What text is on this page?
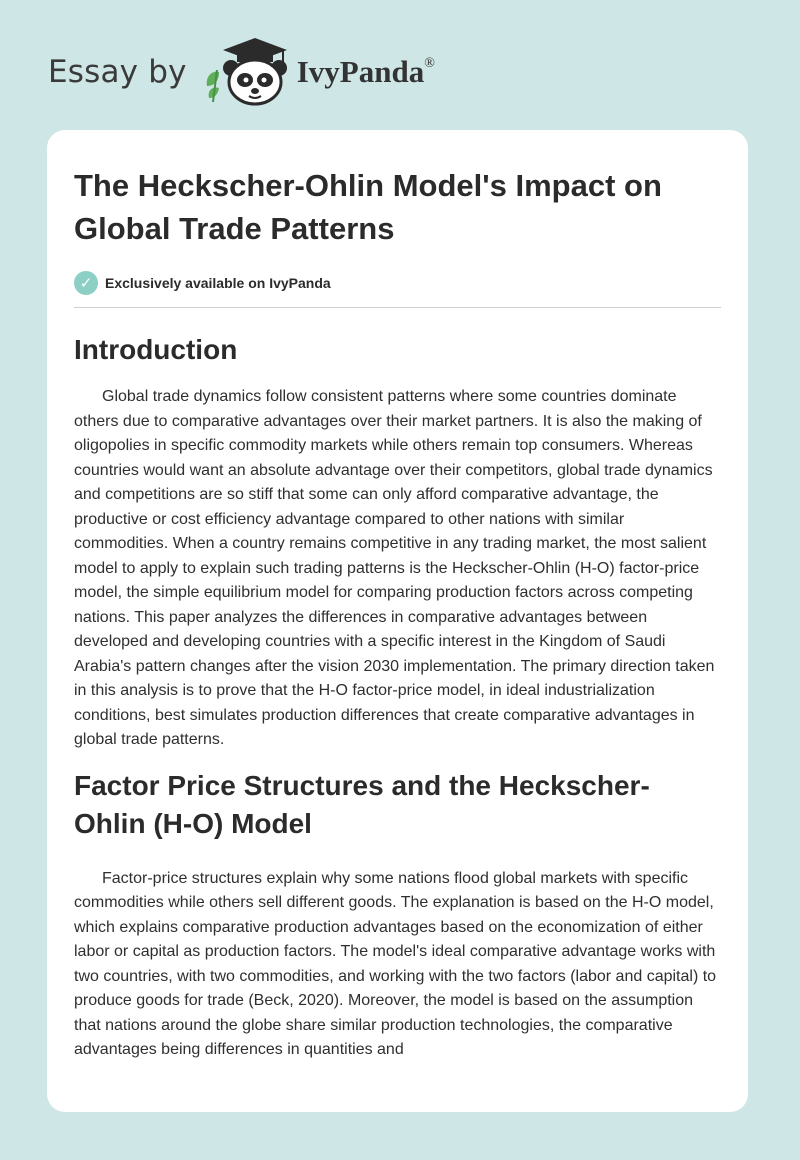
Essay by	IvyPanda®
The Heckscher-Ohlin Model's Impact on Global Trade Patterns
✓ Exclusively available on IvyPanda
Introduction

Global trade dynamics follow consistent patterns where some countries dominate others due to comparative advantages over their market partners. It is also the making of oligopolies in specific commodity markets while others remain top consumers. Whereas countries would want an absolute advantage over their competitors, global trade dynamics and competitions are so stiff that some can only afford comparative advantage, the productive or cost efficiency advantage compared to other nations with similar commodities. When a country remains competitive in any trading market, the most salient model to apply to explain such trading patterns is the Heckscher-Ohlin (H-O) factor-price model, the simple equilibrium model for comparing production factors across competing nations. This paper analyzes the differences in comparative advantages between developed and developing countries with a specific interest in the Kingdom of Saudi Arabia's pattern changes after the vision 2030 implementation. The primary direction taken in this analysis is to prove that the H-O factor-price model, in ideal industrialization conditions, best simulates production differences that create comparative advantages in global trade patterns.

Factor Price Structures and the Heckscher-Ohlin (H-O) Model

Factor-price structures explain why some nations flood global markets with specific commodities while others sell different goods. The explanation is based on the H-O model, which explains comparative production advantages based on the economization of either labor or capital as production factors. The model's ideal comparative advantage works with two countries, with two commodities, and working with the two factors (labor and capital) to produce goods for trade (Beck, 2020). Moreover, the model is based on the assumption that nations around the globe share similar production technologies, the comparative advantages being differences in quantities and
